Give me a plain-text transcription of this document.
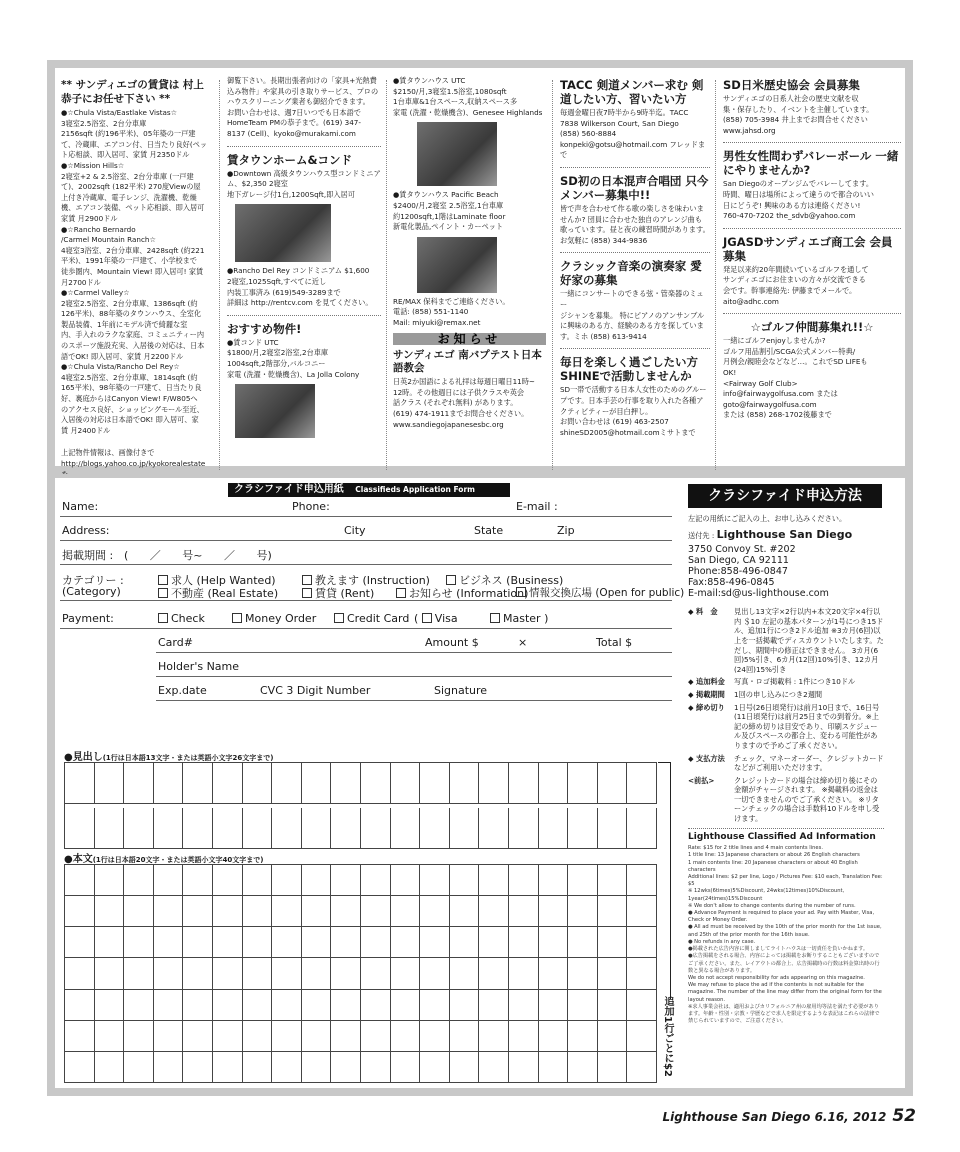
** サンディエゴの賃貸は 村上恭子にお任せ下さい **
●☆Chula Vista/Eastlake Vistas☆
3寝室2.5浴室、2台分車庫
2156sqft (約196平米)、05年築の一戸建
て、冷蔵庫、エアコン付、日当たり良好(ペッ
ト応相談、即入居可、家賃 月2350ドル
●☆Mission Hills☆
2寝室+2 & 2.5浴室、2台分車庫 (一戸建
て)、2002sqft (182平米) 270度Viewの屋
上付き冷蔵庫、電子レンジ、洗濯機、乾燥
機、エアコン装備、ペット応相談、即入居可
家賃 月2900ドル
●☆Rancho Bernardo
/Carmel Mountain Ranch☆
4寝室3浴室、2台分車庫、2428sqft (約221
平米)、1991年築の一戸建て、小学校まで
徒歩圏内、Mountain View! 即入居可! 家賃
月2700ドル
●☆Carmel Valley☆
2寝室2.5浴室、2台分車庫、1386sqft (約
126平米)、88年築のタウンハウス、全室化
製品装備、1年前にモデル済で綺麗な室
内、手入れのラクな家庭、コミュニティー内
のスポーツ施設充実、入居後の対応は、日本
語でOK! 即入居可、家賃 月2200ドル
●☆Chula Vista/Rancho Del Rey☆
4寝室2.5浴室、2台分車庫、1814sqft (約
165平米)、98年築の一戸建て、日当たり良
好、裏庭からはCanyon View! F/W805へ
のアクセス良好、ショッピングモール至近、
入居後の対応は日本語でOK! 即入居可、家
賃 月2400ドル
上記物件情報は、画像付きで
http://blogs.yahoo.co.jp/kyokorealestate
御覧下さい。長期出張者向けの「家具+光熱費
込み物件」や家具の引き取りサービス、プロの
ハウスクリーニング業者も御紹介できます。
お問い合わせは、週7日いつでも日本語で
HomeTeam PMの恭子まで。(619) 347-
8137 (Cell)、kyoko@murakami.com
賃タウンホーム&コンド
●Downtown 高級タウンハウス型コンドミニア
ム、$2,350 2寝室
地下ガレージ付1台,1200Sqft,即入居可
●Rancho Del Rey コンドミニアム $1,600
2寝室,1025Sqft,すべてに近し
内装工事済み (619)549-3289まで
詳細は http://rentcv.com を見てください。
おすすめ物件!
●賃コンド UTC
$1800/月,2寝室2浴室,2台車庫
1004sqft,2階部分,バルコニー
家電 (洗濯・乾燥機含)、La Jolla Colony
●賃タウンハウス UTC
$2150/月,3寝室1.5浴室,1080sqft
1台車庫&1台スペース,収納スペース多
家電 (洗濯・乾燥機含)、Genesee Highlands
●賃タウンハウス Pacific Beach
$2400/月,2寝室 2.5浴室,1台車庫
約1200sqft,1階はLaminate floor
新電化製品,ペイント・カーペット
RE/MAX 保科までご連絡ください。
電話: (858) 551-1140
Mail: miyuki@remax.net
お知らせ
サンディエゴ 南バプテスト日本語教会
日英2か国語による礼拝は毎週日曜日11時~
12時。その他週日には子供クラスや英会
話クラス (それぞれ無料) があります。
(619) 474-1911までお問合せください。
www.sandiegojapanesesbc.org
TACC 剣道メンバー求む 剣道したい方、習いたい方
毎週金曜日夜7時半から9時半迄。TACC
7838 Wilkerson Court, San Diego
(858) 560-8884
konpeki@gotsu@hotmail.com フレッドまで
SD初の日本混声合唱団 只今メンバー募集中!!
皆で声を合わせて作る歌の楽しさを味わいま
せんか? 団員に合わせた独自のアレンジ曲も
歌っています。昼と夜の練習時間があります。
お気軽に (858) 344-9836
クラシック音楽の演奏家 愛好家の募集
一緒にコンサートのできる弦・管楽器のミュー
ジシャンを募集。 特にピアノのアンサンブル
に興味のある方、経験のある方を探していま
す。ミホ (858) 613-9414
毎日を楽しく過ごしたい方 SHINEで活動しませんか
SD一帯で活動する日本人女性のためのグルー
プです。日本手芸の行事を取り入れた各種ア
クティビティーが目白押し。
お問い合わせは (619) 463-2507
shineSD2005@hotmail.comミサトまで
SD日米歴史協会 会員募集
サンディエゴの日系人社会の歴史文献を収
集・保存したり、イベントを主催しています。
(858) 705-3984 井上までお問合せください
www.jahsd.org
男性女性問わずバレーボール 一緒にやりませんか?
San Diegoのオープンジムでバレーしてます。
時間、曜日は場所によって違うので都合のいい
日にどうぞ! 興味のある方は連絡ください!
760-470-7202 the_sdvb@yahoo.com
JGASDサンディエゴ商工会 会員募集
発足以来約20年間続いているゴルフを通して
サンディエゴにお住まいの方々が交流できる
会です。幹事連絡先: 伊藤までメールで。
aito@adhc.com
☆ゴルフ仲間募集れ!!☆
一緒にゴルフenjoyしませんか?
ゴルフ用品割引/SCGA公式メンバー特典/
月例会/親睦会などなど…。これでSD LIFEも
OK!
<Fairway Golf Club>
info@fairwaygolfusa.com または
goto@fairwaygolfusa.com
または (858) 268-1702後藤まで
クラシファイド申込用紙 Classifieds Application Form
Name:	Phone:	E-mail :
Address:	City	State	Zip
掲載期間 : ( ／ 号~ ／ 号)
カテゴリー :
(Category)
求人 (Help Wanted)	教えます (Instruction)	ビジネス (Business)
不動産 (Real Estate)	賃貸 (Rent)	お知らせ (Information) 情報交換広場 (Open for public)
Payment:	Check	Money Order	Credit Card ( Visa	Master )
Card#	Amount $	×	Total $
Holder's Name
Exp.date	CVC 3 Digit Number	Signature
●見出し(1行は日本語13文字・または英語小文字26文字まで)
●本文(1行は日本語20文字・または英語小文字40文字まで)
追加1行ごとに$2
クラシファイド申込方法
左記の用紙にご記入の上、お申し込みください。
送付先 : Lighthouse San Diego
3750 Convoy St. #202
San Diego, CA 92111
Phone:858-496-0847
Fax:858-496-0845
E-mail:sd@us-lighthouse.com
◆ 料　金	見出し13文字×2行以内+本文20文字×4行以内 ＄10 左記の基本パターンが1号につき15ドル、追加1行につき2ドル追加 ※3カ月(6回)以上を一括掲載でディスカウントいたします。ただし、期間中の修正はできません。 3カ月(6回)5%引き、6カ月(12回)10%引き、12カ月(24回)15%引き
◆ 追加料金	写真・ロゴ掲載料 : 1件につき10ドル
◆ 掲載期間	1回の申し込みにつき2週間
◆ 締め切り	1日号(26日頃発行)は前月10日まで、16日号(11日頃発行)は前月25日までの到着分。※上記の締め切りは目安であり、印刷スケジュール及びスペースの都合上、変わる可能性がありますので予めご了承ください。
◆ 支払方法	チェック、マネーオーダー、クレジットカードなどがご利用いただけます。
<前払>	クレジットカードの場合は締め切り後にその金額がチャージされます。 ※掲載料の返金は一切できませんのでご了承ください。 ※リターンチェックの場合は手数料10ドルを申し受けます。
Lighthouse Classified Ad Information
Rate: $15 for 2 title lines and 4 main contents lines.
1 title line: 13 Japanese characters or about 26 English characters
1 main contents line: 20 Japanese characters or about 40 English characters
Additional lines: $2 per line, Logo / Pictures Fee: $10 each, Translation Fee: $5
※ 12wks(6times)5%Discount, 24wks(12times)10%Discount, 1year(24times)15%Discount
※ We don't allow to change contents during the number of runs.
● Advance Payment is required to place your ad. Pay with Master, Visa, Check or Money Order.
● All ad must be received by the 10th of the prior month for the 1st issue, and 25th of the prior month for the 16th issue.
● No refunds in any case.
●掲載された広告内容に関しましてライトハウスは一切責任を負いかねます。
●広告掲載をされる場合、内容によっては掲載をお断りすることもございますのでご了承ください。また、レイアウトの都合上、広告掲載時の行数は料金算出時の行数と異なる場合があります。
We do not accept responsibility for ads appearing on this magazine.
We may refuse to place the ad if the contents is not suitable for the magazine. The number of the line may differ from the original form for the layout reason.
※求人事業会社は、適用およびカリフォルニア州の雇用均等法を満たす必要があります。年齢・性別・宗教・学歴などで求人を限定するような表記はこれらの法律で禁じられていますので、ご注意ください。
Lighthouse San Diego 6.16, 2012 52
